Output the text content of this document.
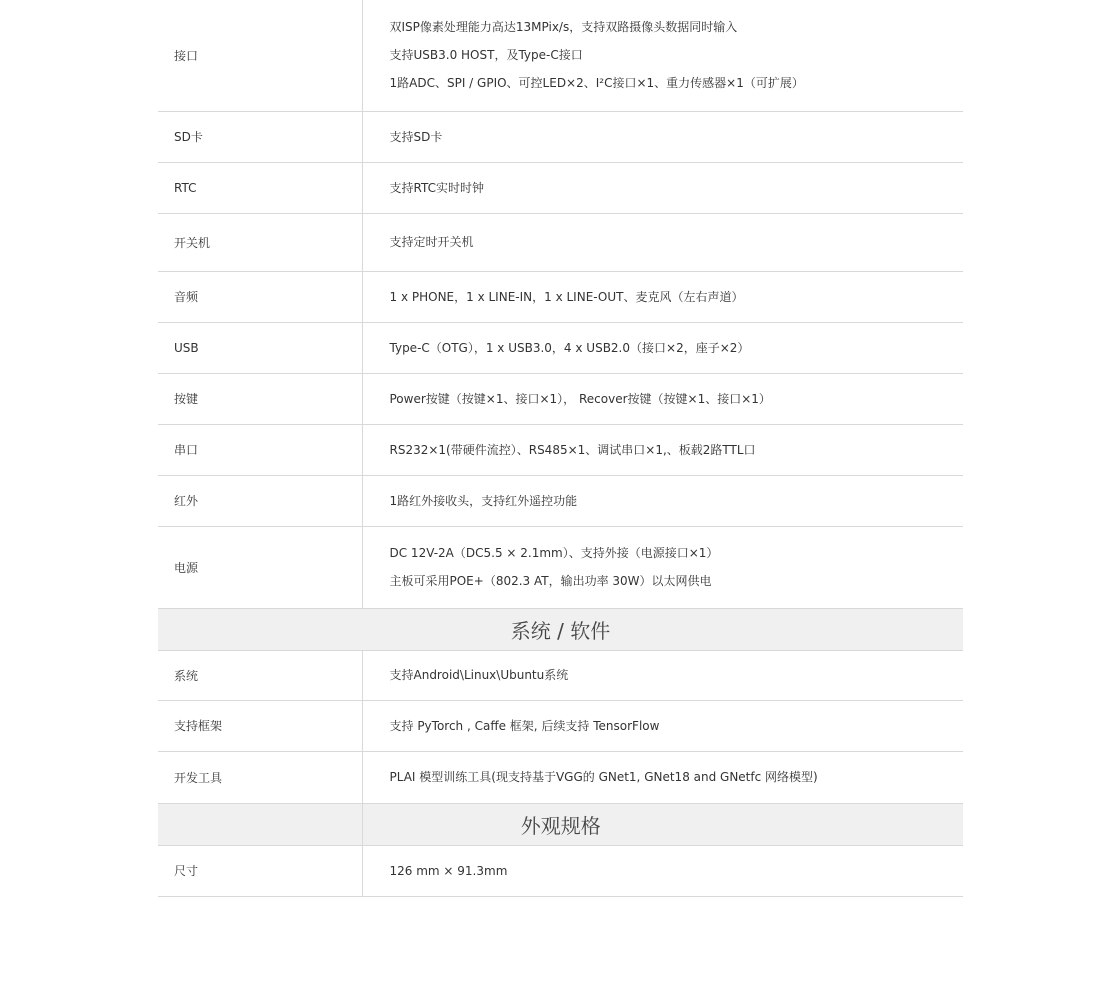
接口	双ISP像素处理能力高达13MPix/s，支持双路摄像头数据同时输入
支持USB3.0 HOST，及Type-C接口
1路ADC、SPI / GPIO、可控LED×2、I²C接口×1、重力传感器×1（可扩展）

SD卡	支持SD卡

RTC	支持RTC实时时钟

开关机	支持定时开关机

音频	1 x PHONE，1 x LINE-IN，1 x LINE-OUT、麦克风（左右声道）

USB	Type-C（OTG），1 x USB3.0，4 x USB2.0（接口×2，座子×2）

按键	Power按键（按键×1、接口×1）， Recover按键（按键×1、接口×1）

串口	RS232×1(带硬件流控）、RS485×1、调试串口×1,、板载2路TTL口

红外	1路红外接收头，支持红外遥控功能

电源	DC 12V-2A（DC5.5 × 2.1mm）、支持外接（电源接口×1）
主板可采用POE+（802.3 AT，输出功率 30W）以太网供电

系统 / 软件	
系统	支持Android\Linux\Ubuntu系统

支持框架	支持 PyTorch , Caffe 框架, 后续支持 TensorFlow

开发工具	PLAI 模型训练工具(现支持基于VGG的 GNet1, GNet18 and GNetfc 网络模型)

	外观规格
尺寸	126 mm × 91.3mm
